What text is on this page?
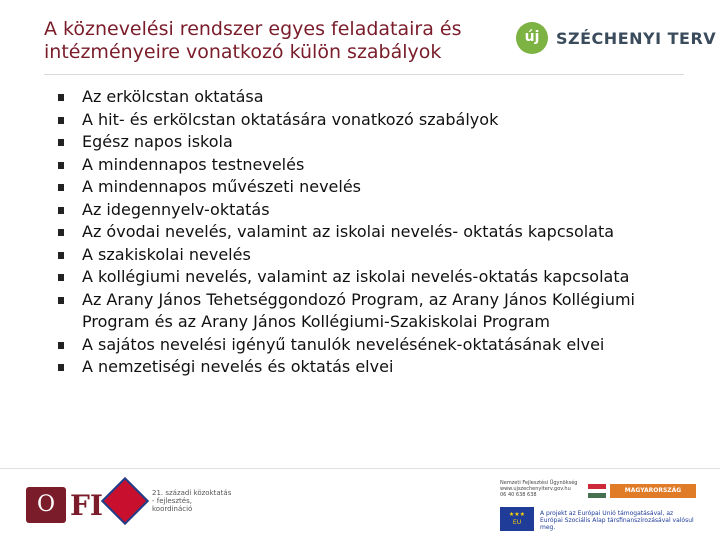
A köznevelési rendszer egyes feladataira és intézményeire vonatkozó külön szabályok
új	SZÉCHENYI TERV
Az erkölcstan oktatása
A hit- és erkölcstan oktatására vonatkozó szabályok
Egész napos iskola
A mindennapos testnevelés
A mindennapos művészeti nevelés
Az idegennyelv-oktatás
Az óvodai nevelés, valamint az iskolai nevelés- oktatás kapcsolata
A szakiskolai nevelés
A kollégiumi nevelés, valamint az iskolai nevelés-oktatás kapcsolata
Az Arany János Tehetséggondozó Program, az Arany János Kollégiumi Program és az Arany János Kollégiumi-Szakiskolai Program
A sajátos nevelési igényű tanulók nevelésének-oktatásának elvei
A nemzetiségi nevelés és oktatás elvei
O FI	21. századi közoktatás - fejlesztés, koordináció
Nemzeti Fejlesztési Ügynökség
www.ujszechenyiterv.gov.hu
06 40 638 638
MAGYARORSZÁG MEGÚJUL
★★★
EU
A projekt az Európai Unió támogatásával, az Európai Szociális Alap társfinanszírozásával valósul meg.
